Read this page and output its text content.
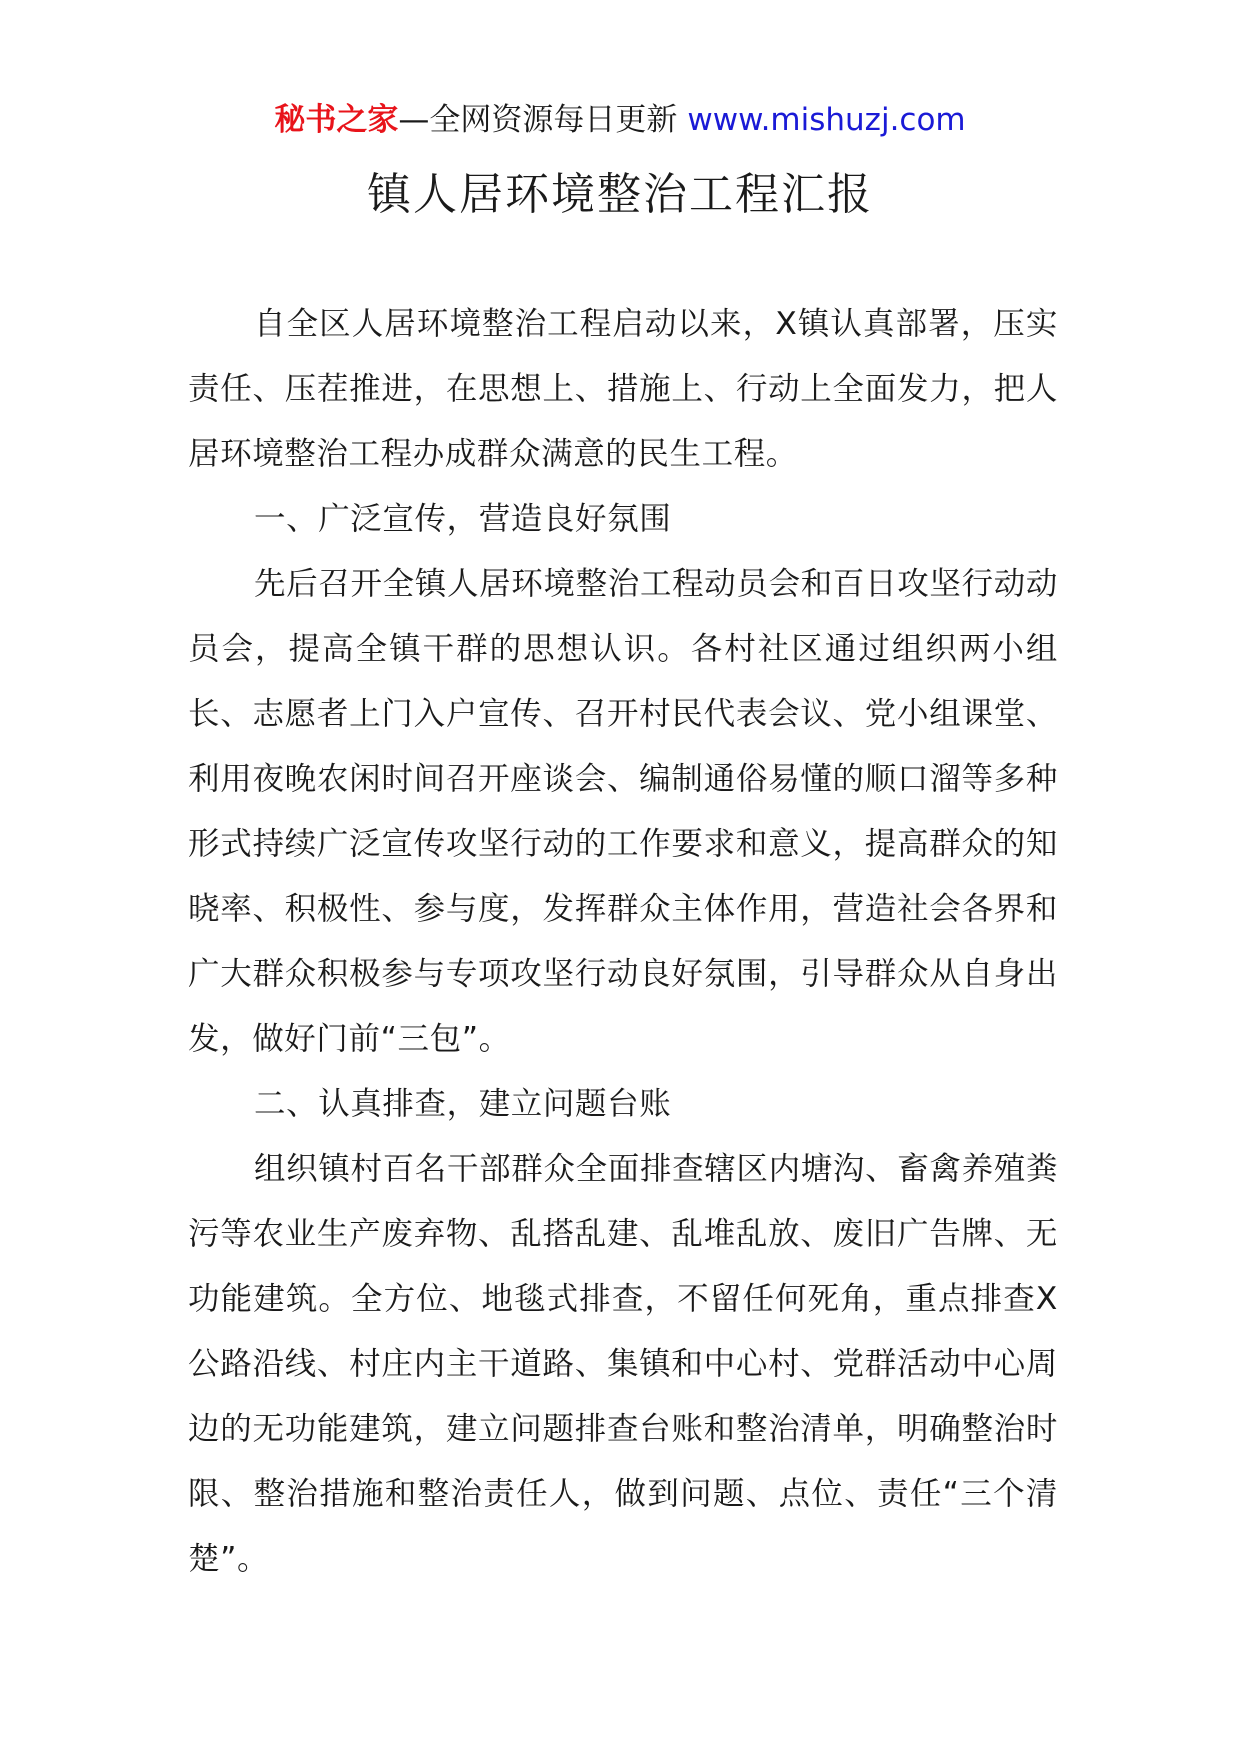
秘书之家—全网资源每日更新 www.mishuzj.com
镇人居环境整治工程汇报

自全区人居环境整治工程启动以来，X镇认真部署，压实责任、压茬推进，在思想上、措施上、行动上全面发力，把人居环境整治工程办成群众满意的民生工程。

一、广泛宣传，营造良好氛围

先后召开全镇人居环境整治工程动员会和百日攻坚行动动员会，提高全镇干群的思想认识。各村社区通过组织两小组长、志愿者上门入户宣传、召开村民代表会议、党小组课堂、利用夜晚农闲时间召开座谈会、编制通俗易懂的顺口溜等多种形式持续广泛宣传攻坚行动的工作要求和意义，提高群众的知晓率、积极性、参与度，发挥群众主体作用，营造社会各界和广大群众积极参与专项攻坚行动良好氛围，引导群众从自身出发，做好门前“三包”。

二、认真排查，建立问题台账

组织镇村百名干部群众全面排查辖区内塘沟、畜禽养殖粪污等农业生产废弃物、乱搭乱建、乱堆乱放、废旧广告牌、无功能建筑。全方位、地毯式排查，不留任何死角，重点排查X公路沿线、村庄内主干道路、集镇和中心村、党群活动中心周边的无功能建筑，建立问题排查台账和整治清单，明确整治时限、整治措施和整治责任人，做到问题、点位、责任“三个清楚”。
